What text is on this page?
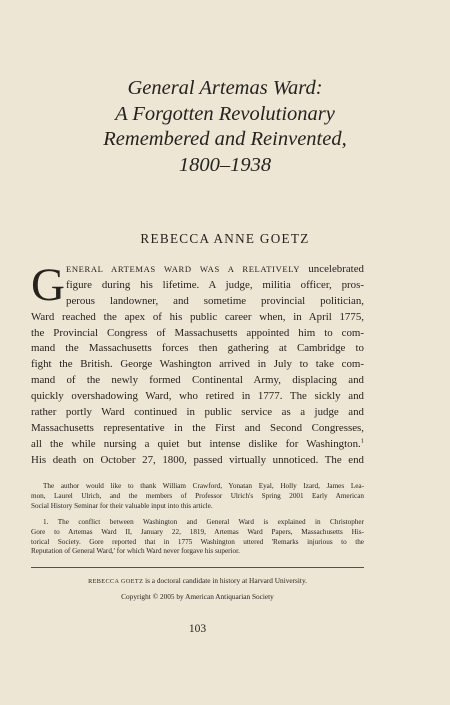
General Artemas Ward:
A Forgotten Revolutionary
Remembered and Reinvented,
1800–1938
REBECCA ANNE GOETZ
G ENERAL ARTEMAS WARD WAS A RELATIVELY uncelebrated
figure during his lifetime. A judge, militia officer, pros-
perous landowner, and sometime provincial politician,
Ward reached the apex of his public career when, in April 1775,
the Provincial Congress of Massachusetts appointed him to com-
mand the Massachusetts forces then gathering at Cambridge to
fight the British. George Washington arrived in July to take com-
mand of the newly formed Continental Army, displacing and
quickly overshadowing Ward, who retired in 1777. The sickly and
rather portly Ward continued in public service as a judge and
Massachusetts representative in the First and Second Congresses,
all the while nursing a quiet but intense dislike for Washington.$^1$
His death on October 27, 1800, passed virtually unnoticed. The end
The author would like to thank William Crawford, Yonatan Eyal, Holly Izard, James Lea-
mon, Laurel Ulrich, and the members of Professor Ulrich's Spring 2001 Early American
Social History Seminar for their valuable input into this article.
1. The conflict between Washington and General Ward is explained in Christopher
Gore to Artemas Ward II, January 22, 1819, Artemas Ward Papers, Massachusetts His-
torical Society. Gore reported that in 1775 Washington uttered 'Remarks injurious to the
Reputation of General Ward,' for which Ward never forgave his superior.
REBECCA GOETZ is a doctoral candidate in history at Harvard University.
Copyright © 2005 by American Antiquarian Society
103
